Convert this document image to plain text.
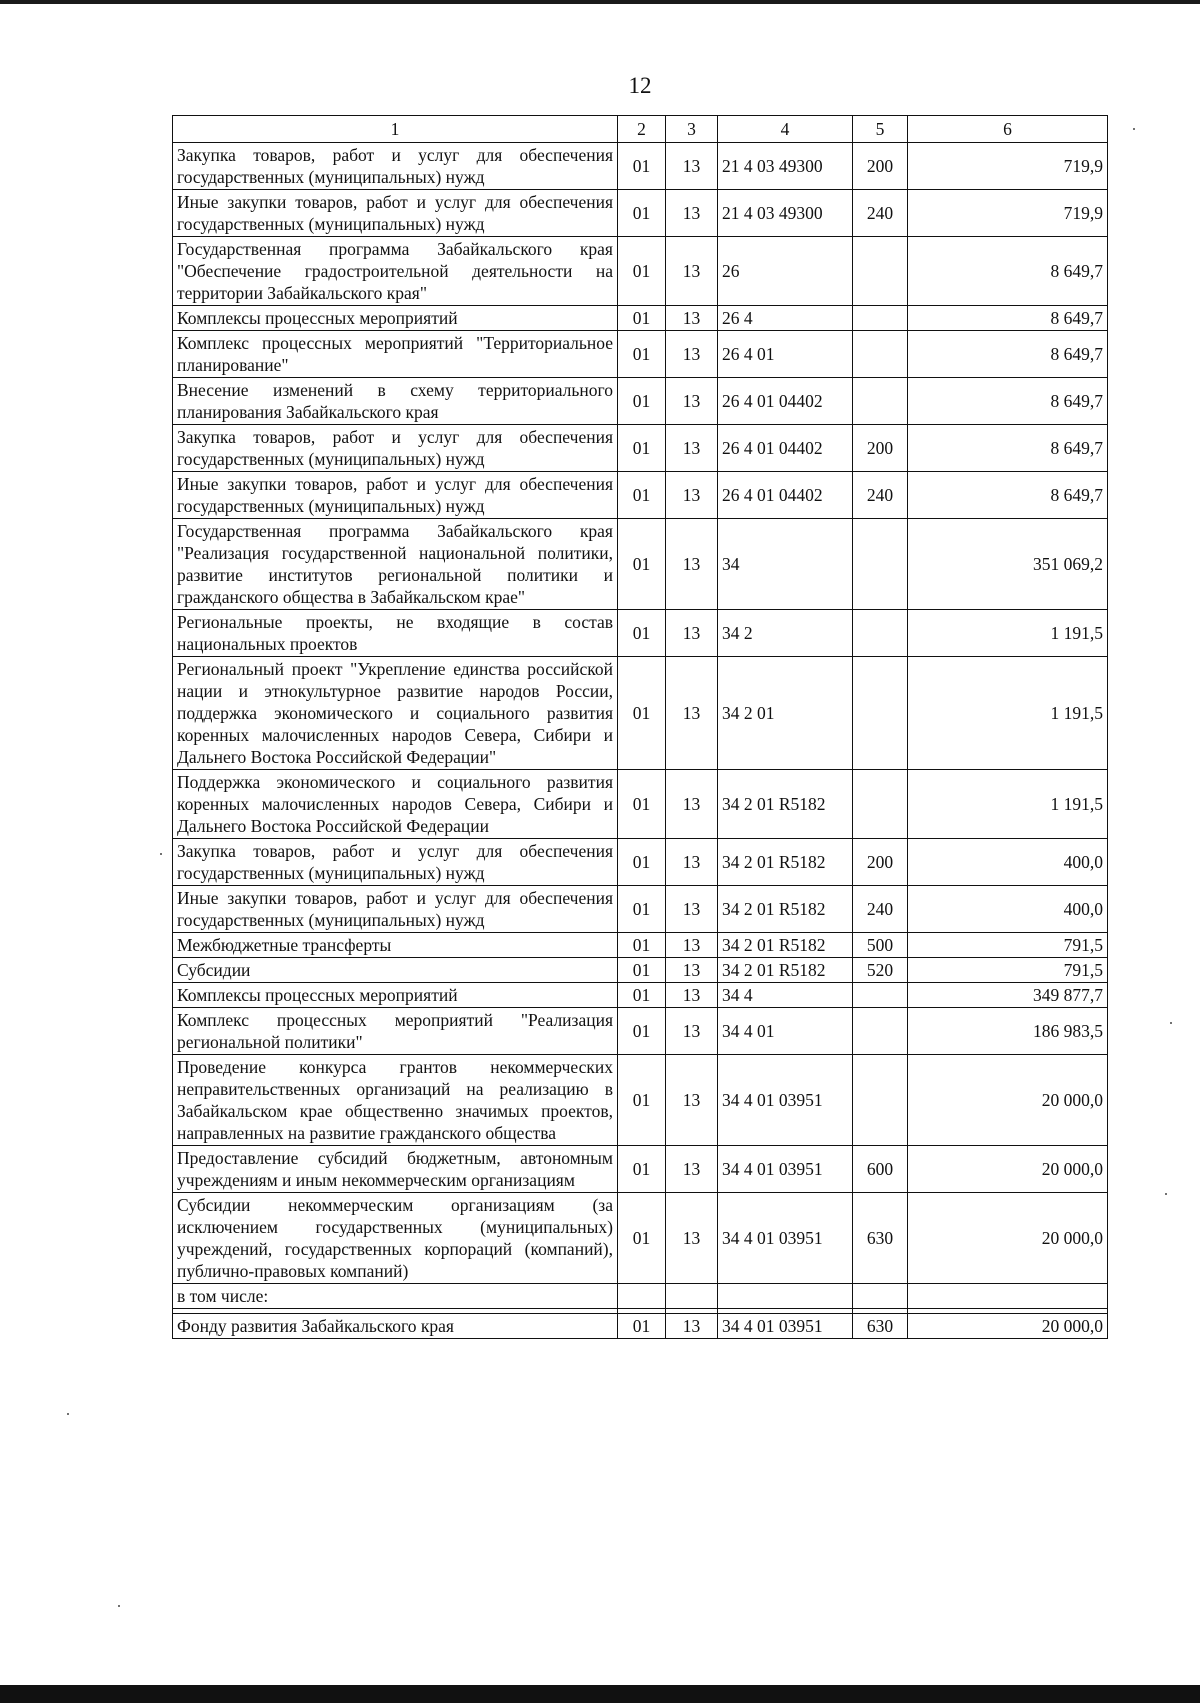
12
1	2	3	4	5	6
Закупка товаров, работ и услуг для обеспечения государственных (муниципальных) нужд	01	13	21 4 03 49300	200	719,9
Иные закупки товаров, работ и услуг для обеспечения государственных (муниципальных) нужд	01	13	21 4 03 49300	240	719,9
Государственная программа Забайкальского края "Обеспечение градостроительной деятельности на территории Забайкальского края"	01	13	26		8 649,7
Комплексы процессных мероприятий	01	13	26 4		8 649,7
Комплекс процессных мероприятий "Территориальное планирование"	01	13	26 4 01		8 649,7
Внесение изменений в схему территориального планирования Забайкальского края	01	13	26 4 01 04402		8 649,7
Закупка товаров, работ и услуг для обеспечения государственных (муниципальных) нужд	01	13	26 4 01 04402	200	8 649,7
Иные закупки товаров, работ и услуг для обеспечения государственных (муниципальных) нужд	01	13	26 4 01 04402	240	8 649,7
Государственная программа Забайкальского края "Реализация государственной национальной политики, развитие институтов региональной политики и гражданского общества в Забайкальском крае"	01	13	34		351 069,2
Региональные проекты, не входящие в состав национальных проектов	01	13	34 2		1 191,5
Региональный проект "Укрепление единства российской нации и этнокультурное развитие народов России, поддержка экономического и социального развития коренных малочисленных народов Севера, Сибири и Дальнего Востока Российской Федерации"	01	13	34 2 01		1 191,5
Поддержка экономического и социального развития коренных малочисленных народов Севера, Сибири и Дальнего Востока Российской Федерации	01	13	34 2 01 R5182		1 191,5
Закупка товаров, работ и услуг для обеспечения государственных (муниципальных) нужд	01	13	34 2 01 R5182	200	400,0
Иные закупки товаров, работ и услуг для обеспечения государственных (муниципальных) нужд	01	13	34 2 01 R5182	240	400,0
Межбюджетные трансферты	01	13	34 2 01 R5182	500	791,5
Субсидии	01	13	34 2 01 R5182	520	791,5
Комплексы процессных мероприятий	01	13	34 4		349 877,7
Комплекс процессных мероприятий "Реализация региональной политики"	01	13	34 4 01		186 983,5
Проведение конкурса грантов некоммерческих неправительственных организаций на реализацию в Забайкальском крае общественно значимых проектов, направленных на развитие гражданского общества	01	13	34 4 01 03951		20 000,0
Предоставление субсидий бюджетным, автономным учреждениям и иным некоммерческим организациям	01	13	34 4 01 03951	600	20 000,0
Субсидии некоммерческим организациям (за исключением государственных (муниципальных) учреждений, государственных корпораций (компаний), публично-правовых компаний)	01	13	34 4 01 03951	630	20 000,0
в том числе:					

Фонду развития Забайкальского края	01	13	34 4 01 03951	630	20 000,0
